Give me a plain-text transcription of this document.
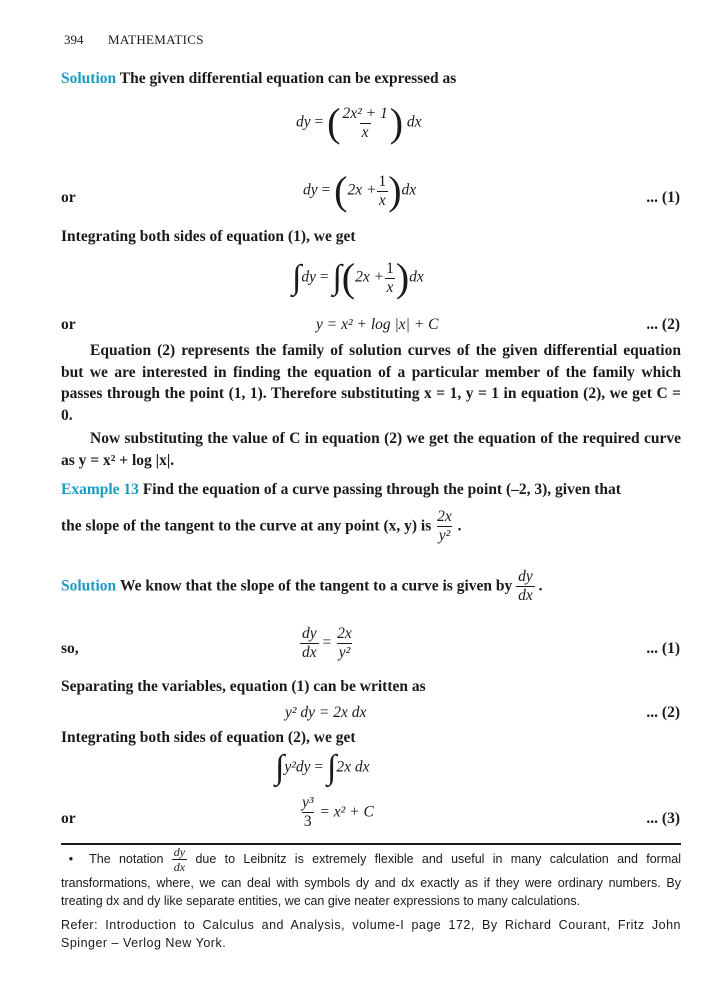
394 MATHEMATICS
Solution The given differential equation can be expressed as
dy = ( $\frac{\text{2x² + 1}}{x}$ ) dx
or	dy = $(2x + \frac{1}{x} )dx$	... (1)
Integrating both sides of equation (1), we get
$\int dy = \int(2x + \frac{1}{x} )dx$
or	y = x² + log |x| + C	... (2)
Equation (2) represents the family of solution curves of the given differential equation but we are interested in finding the equation of a particular member of the family which passes through the point (1, 1). Therefore substituting x = 1, y = 1 in equation (2), we get C = 0.
Now substituting the value of C in equation (2) we get the equation of the required curve as y = x² + log |x|.
Example 13 Find the equation of a curve passing through the point (–2, 3), given that
the slope of the tangent to the curve at any point (x, y) is $\frac{2x}{\text{y²}}$ .
Solution We know that the slope of the tangent to a curve is given by $\frac{dy}{dx}$ .
so,	$\frac{dy}{dx} = \frac{2x}{\text{y²}}$	... (1)
Separating the variables, equation (1) can be written as
y² dy = 2x dx	... (2)
Integrating both sides of equation (2), we get
∫y²dy = ∫2x dx
or	$\frac{\text{y³}}{3} = x^2 + C$	... (3)
• The notation $\frac{dy}{dx}$ due to Leibnitz is extremely flexible and useful in many calculation and formal transformations, where, we can deal with symbols dy and dx exactly as if they were ordinary numbers. By treating dx and dy like separate entities, we can give neater expressions to many calculations.
Refer: Introduction to Calculus and Analysis, volume-I page 172, By Richard Courant, Fritz John Spinger – Verlog New York.
